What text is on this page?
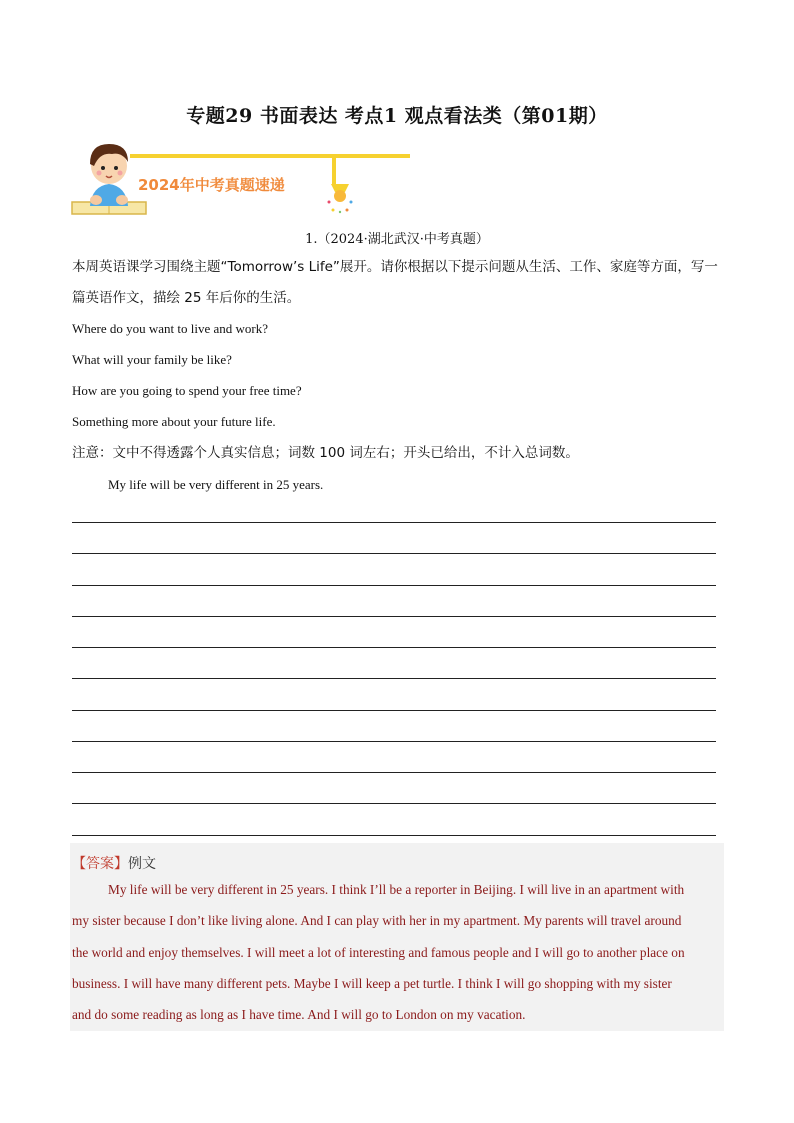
专题29 书面表达 考点1 观点看法类（第01期）
2024年中考真题速递
1.（2024·湖北武汉·中考真题）
本周英语课学习围绕主题“Tomorrow’s Life”展开。请你根据以下提示问题从生活、工作、家庭等方面，写一
篇英语作文，描绘 25 年后你的生活。
Where do you want to live and work?
What will your family be like?
How are you going to spend your free time?
Something more about your future life.
注意：文中不得透露个人真实信息；词数 100 词左右；开头已给出，不计入总词数。
My life will be very different in 25 years.
【答案】例文
My life will be very different in 25 years. I think I’ll be a reporter in Beijing. I will live in an apartment with
my sister because I don’t like living alone. And I can play with her in my apartment. My parents will travel around
the world and enjoy themselves. I will meet a lot of interesting and famous people and I will go to another place on
business. I will have many different pets. Maybe I will keep a pet turtle. I think I will go shopping with my sister
and do some reading as long as I have time. And I will go to London on my vacation.
